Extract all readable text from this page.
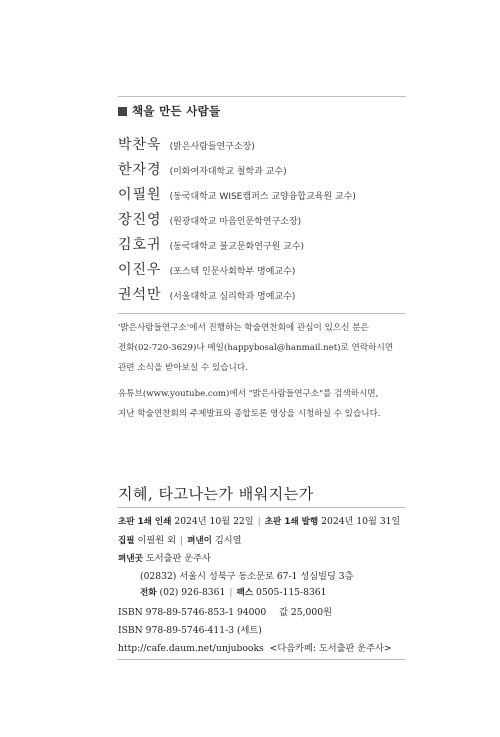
책을 만든 사람들
박찬욱 (밝은사람들연구소장)
한자경 (이화여자대학교 철학과 교수)
이필원 (동국대학교 WISE캠퍼스 교양융합교육원 교수)
장진영 (원광대학교 마음인문학연구소장)
김호귀 (동국대학교 불교문화연구원 교수)
이진우 (포스텍 인문사회학부 명예교수)
권석만 (서울대학교 심리학과 명예교수)
'밝은사람들연구소'에서 진행하는 학술연찬회에 관심이 있으신 분은
전화(02-720-3629)나 메일(happybosal@hanmail.net)로 연락하시면
관련 소식을 받아보실 수 있습니다.
유튜브(www.youtube.com)에서 "밝은사람들연구소"를 검색하시면,
지난 학술연찬회의 주제발표와 종합토론 영상을 시청하실 수 있습니다.
지혜, 타고나는가 배워지는가
초판 1쇄 인쇄 2024년 10월 22일 | 초판 1쇄 발행 2024년 10월 31일
집필 이필원 외 | 펴낸이 김시열
펴낸곳 도서출판 운주사
(02832) 서울시 성북구 동소문로 67-1 성심빌딩 3층
전화 (02) 926-8361 | 팩스 0505-115-8361
ISBN 978-89-5746-853-1 94000 값 25,000원
ISBN 978-89-5746-411-3 (세트)
http://cafe.daum.net/unjubooks <다음카페: 도서출판 운주사>
